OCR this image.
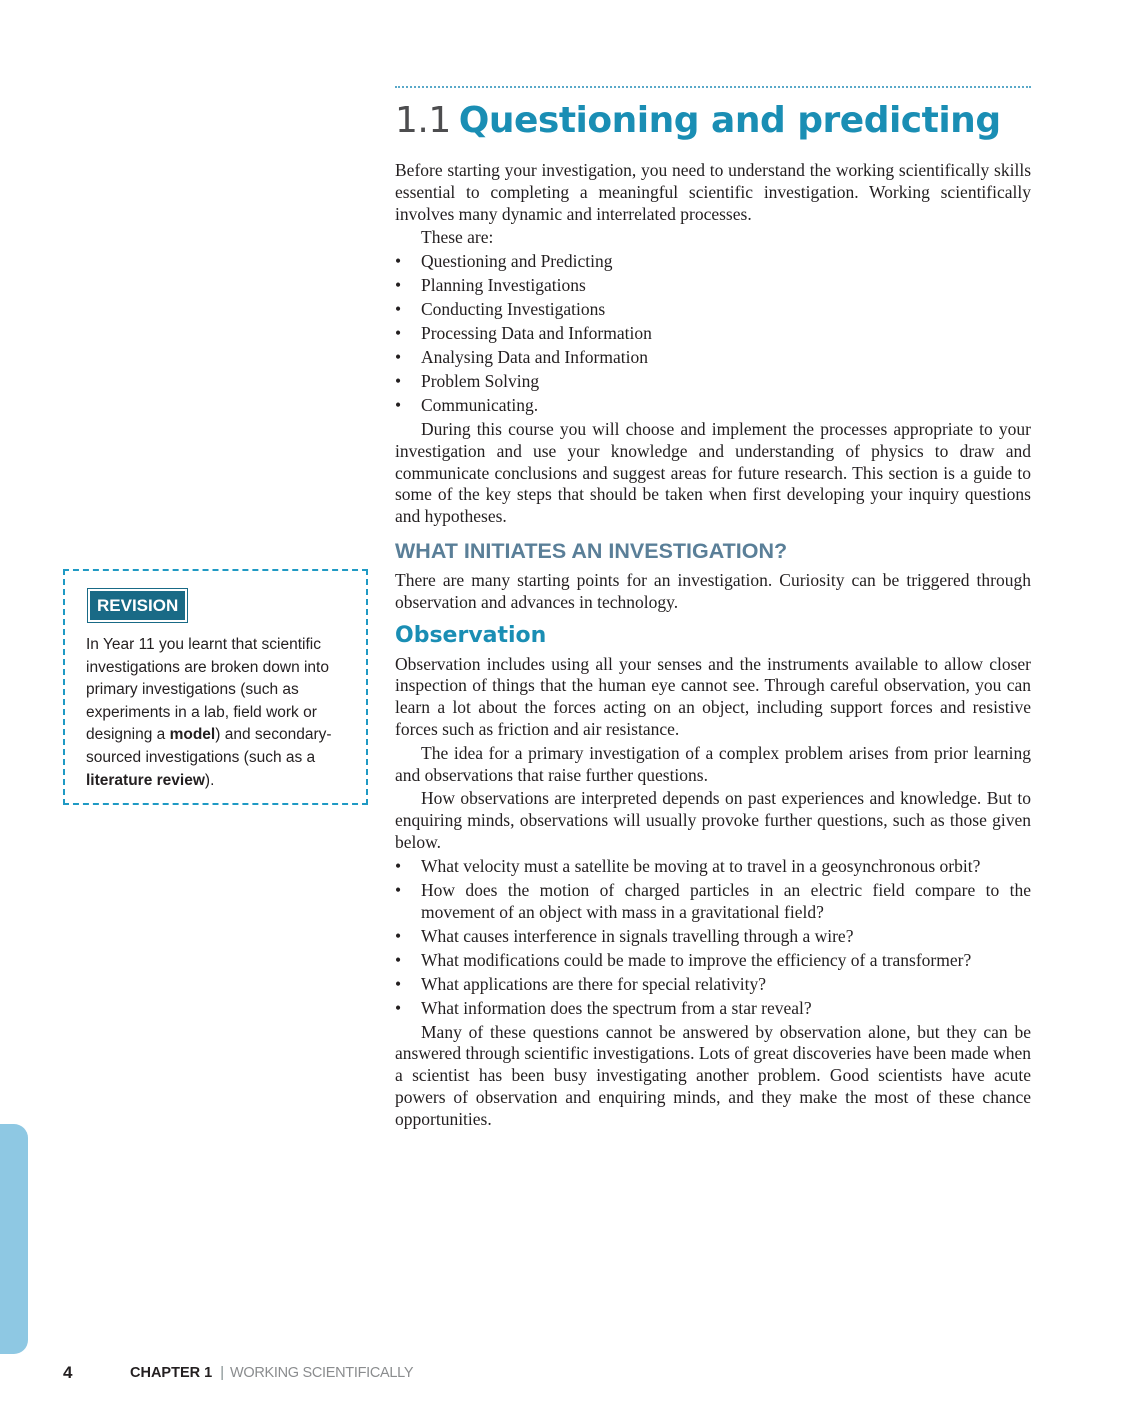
REVISION
In Year 11 you learnt that scientific investigations are broken down into primary investigations (such as experiments in a lab, field work or designing a model) and secondary-sourced investigations (such as a literature review).
1.1 Questioning and predicting

Before starting your investigation, you need to understand the working scientifically skills essential to completing a meaningful scientific investigation. Working scientifically involves many dynamic and interrelated processes.

These are:

• Questioning and Predicting
• Planning Investigations
• Conducting Investigations
• Processing Data and Information
• Analysing Data and Information
• Problem Solving
• Communicating.

During this course you will choose and implement the processes appropriate to your investigation and use your knowledge and understanding of physics to draw and communicate conclusions and suggest areas for future research. This section is a guide to some of the key steps that should be taken when first developing your inquiry questions and hypotheses.

WHAT INITIATES AN INVESTIGATION?

There are many starting points for an investigation. Curiosity can be triggered through observation and advances in technology.

Observation

Observation includes using all your senses and the instruments available to allow closer inspection of things that the human eye cannot see. Through careful observation, you can learn a lot about the forces acting on an object, including support forces and resistive forces such as friction and air resistance.

The idea for a primary investigation of a complex problem arises from prior learning and observations that raise further questions.

How observations are interpreted depends on past experiences and knowledge. But to enquiring minds, observations will usually provoke further questions, such as those given below.

• What velocity must a satellite be moving at to travel in a geosynchronous orbit?
• How does the motion of charged particles in an electric field compare to the movement of an object with mass in a gravitational field?
• What causes interference in signals travelling through a wire?
• What modifications could be made to improve the efficiency of a transformer?
• What applications are there for special relativity?
• What information does the spectrum from a star reveal?

Many of these questions cannot be answered by observation alone, but they can be answered through scientific investigations. Lots of great discoveries have been made when a scientist has been busy investigating another problem. Good scientists have acute powers of observation and enquiring minds, and they make the most of these chance opportunities.

4	CHAPTER 1 | WORKING SCIENTIFICALLY
